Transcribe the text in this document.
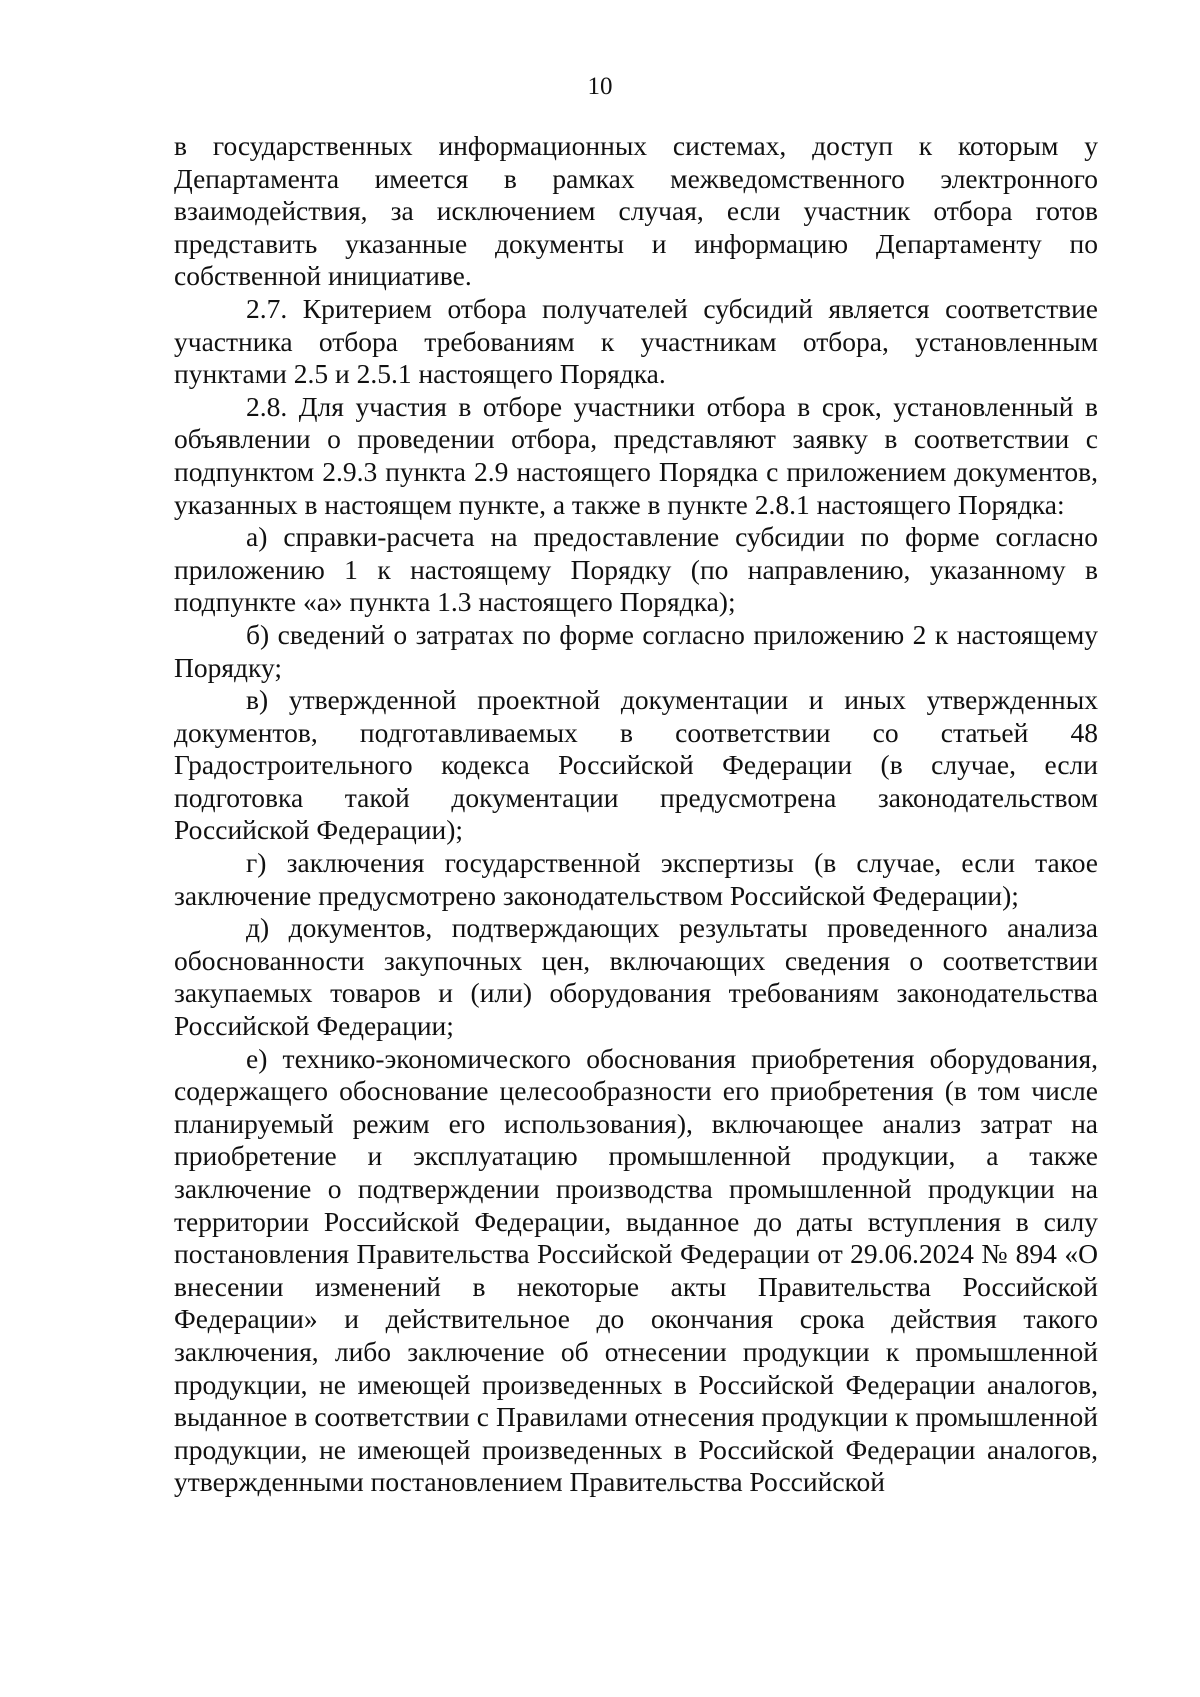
10

в государственных информационных системах, доступ к которым у Департамента имеется в рамках межведомственного электронного взаимодействия, за исключением случая, если участник отбора готов представить указанные документы и информацию Департаменту по собственной инициативе.

2.7. Критерием отбора получателей субсидий является соответствие участника отбора требованиям к участникам отбора, установленным пунктами 2.5 и 2.5.1 настоящего Порядка.

2.8. Для участия в отборе участники отбора в срок, установленный в объявлении о проведении отбора, представляют заявку в соответствии с подпунктом 2.9.3 пункта 2.9 настоящего Порядка с приложением документов, указанных в настоящем пункте, а также в пункте 2.8.1 настоящего Порядка:

а) справки-расчета на предоставление субсидии по форме согласно приложению 1 к настоящему Порядку (по направлению, указанному в подпункте «а» пункта 1.3 настоящего Порядка);

б) сведений о затратах по форме согласно приложению 2 к настоящему Порядку;

в) утвержденной проектной документации и иных утвержденных документов, подготавливаемых в соответствии со статьей 48 Градостроительного кодекса Российской Федерации (в случае, если подготовка такой документации предусмотрена законодательством Российской Федерации);

г) заключения государственной экспертизы (в случае, если такое заключение предусмотрено законодательством Российской Федерации);

д) документов, подтверждающих результаты проведенного анализа обоснованности закупочных цен, включающих сведения о соответствии закупаемых товаров и (или) оборудования требованиям законодательства Российской Федерации;

е) технико-экономического обоснования приобретения оборудования, содержащего обоснование целесообразности его приобретения (в том числе планируемый режим его использования), включающее анализ затрат на приобретение и эксплуатацию промышленной продукции, а также заключение о подтверждении производства промышленной продукции на территории Российской Федерации, выданное до даты вступления в силу постановления Правительства Российской Федерации от 29.06.2024 № 894 «О внесении изменений в некоторые акты Правительства Российской Федерации» и действительное до окончания срока действия такого заключения, либо заключение об отнесении продукции к промышленной продукции, не имеющей произведенных в Российской Федерации аналогов, выданное в соответствии с Правилами отнесения продукции к промышленной продукции, не имеющей произведенных в Российской Федерации аналогов, утвержденными постановлением Правительства Российской
